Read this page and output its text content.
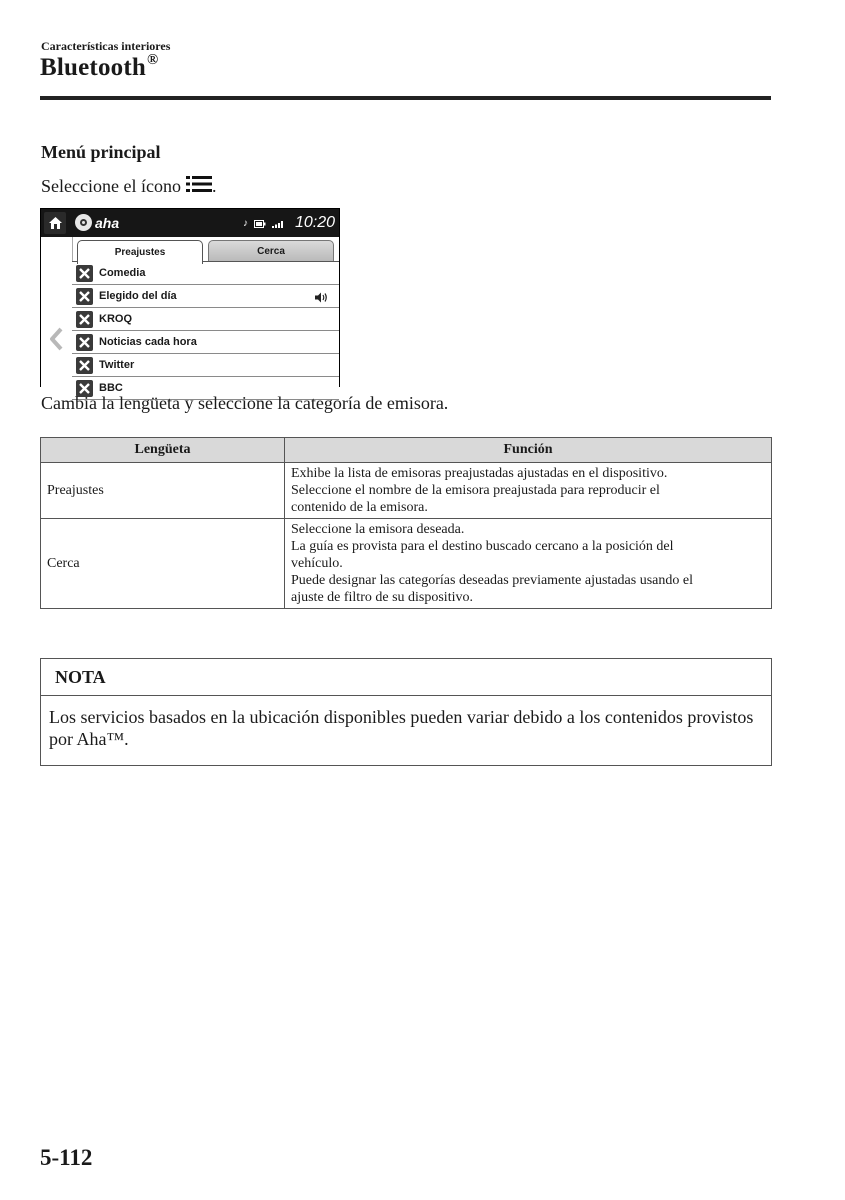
Características interiores
Bluetooth®
Menú principal
Seleccione el ícono .
aha	♪	10:20
Preajustes	Cerca
Comedia
Elegido del día
KROQ
Noticias cada hora
Twitter
BBC
Cambia la lengüeta y seleccione la categoría de emisora.
Lengüeta	Función
Preajustes	Exhibe la lista de emisoras preajustadas ajustadas en el dispositivo.
Seleccione el nombre de la emisora preajustada para reproducir el
contenido de la emisora.

Cerca	Seleccione la emisora deseada.
La guía es provista para el destino buscado cercano a la posición del
vehículo.
Puede designar las categorías deseadas previamente ajustadas usando el
ajuste de filtro de su dispositivo.
NOTA
Los servicios basados en la ubicación disponibles pueden variar debido a los contenidos provistos por Aha™.
5-112
